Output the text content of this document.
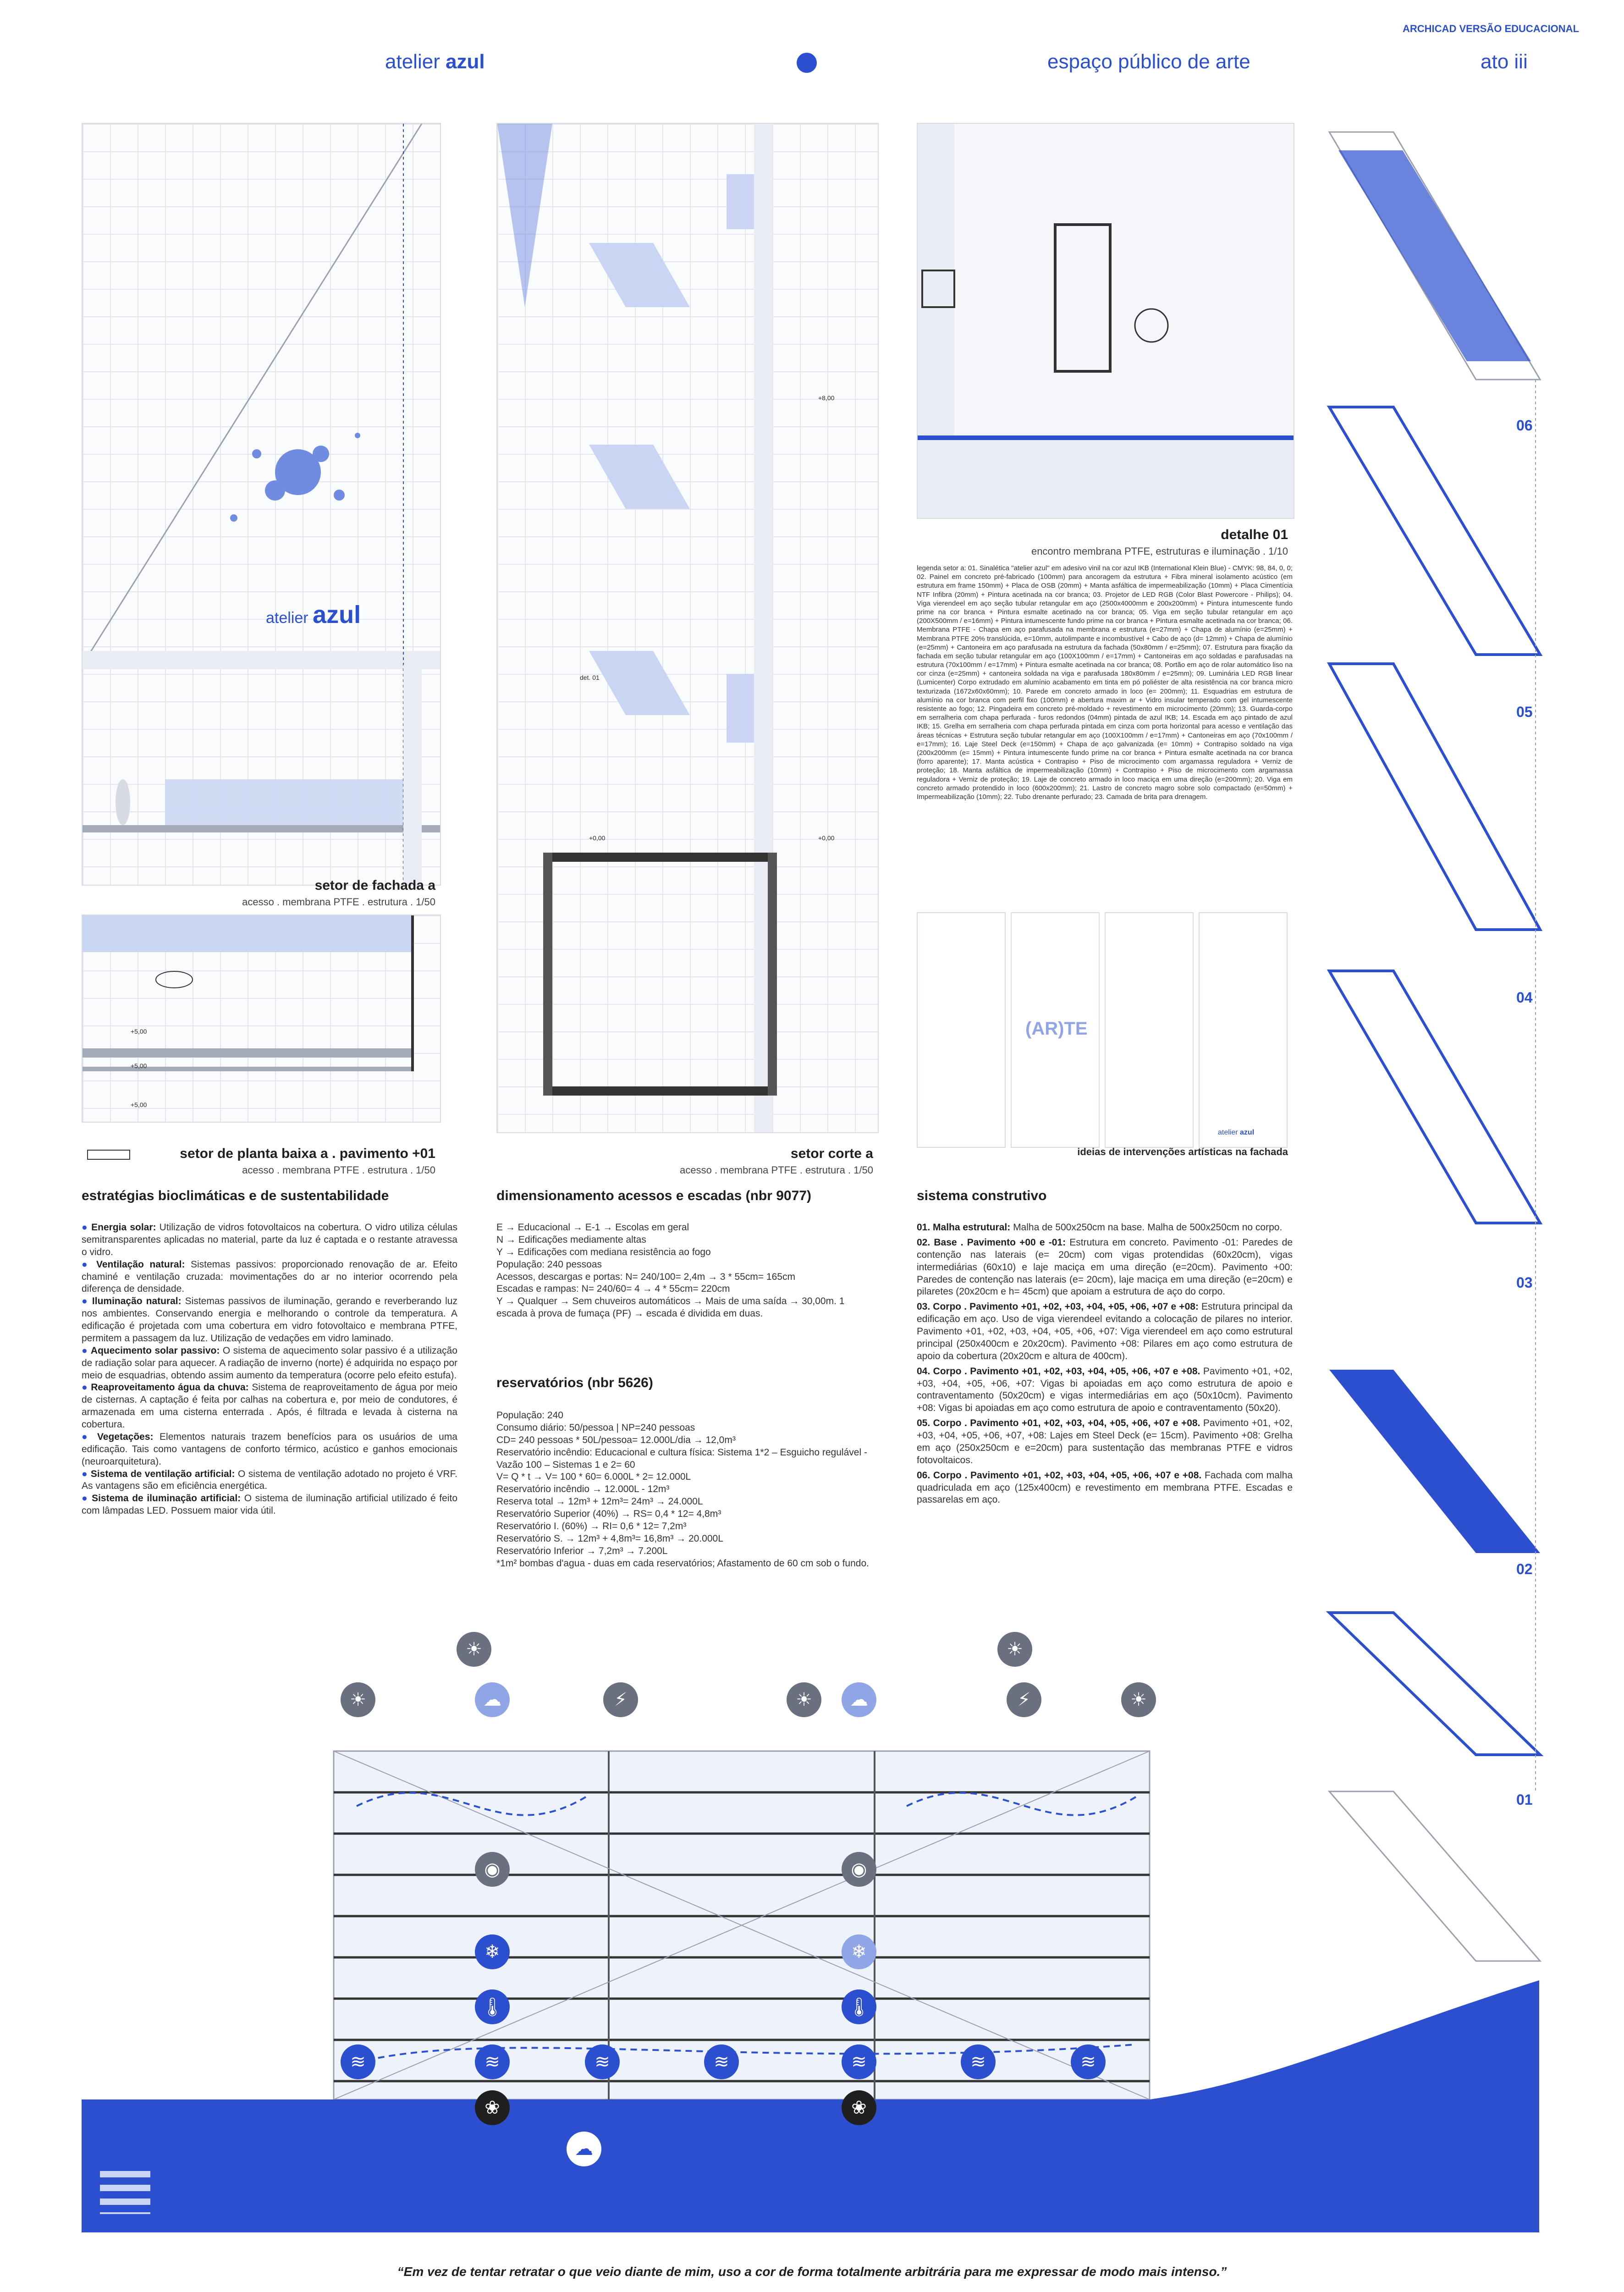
ARCHICAD VERSÃO EDUCACIONAL
atelier azul	espaço público de arte	ato iii
atelier azul
setor de fachada a
acesso . membrana PTFE . estrutura . 1/50
+5,00
+5,00
+5,00
setor de planta baixa a . pavimento +01
acesso . membrana PTFE . estrutura . 1/50
det. 01
+8,00
+0,00	+0,00
setor corte a
acesso . membrana PTFE . estrutura . 1/50
detalhe 01
encontro membrana PTFE, estruturas e iluminação . 1/10
legenda setor a: 01. Sinalética "atelier azul" em adesivo vinil na cor azul IKB (International Klein Blue) - CMYK: 98, 84, 0, 0; 02. Painel em concreto pré-fabricado (100mm) para ancoragem da estrutura + Fibra mineral isolamento acústico (em estrutura em frame 150mm) + Placa de OSB (20mm) + Manta asfáltica de impermeabilização (10mm) + Placa Cimentícia NTF Infibra (20mm) + Pintura acetinada na cor branca; 03. Projetor de LED RGB (Color Blast Powercore - Philips); 04. Viga vierendeel em aço seção tubular retangular em aço (2500x4000mm e 200x200mm) + Pintura intumescente fundo prime na cor branca + Pintura esmalte acetinado na cor branca; 05. Viga em seção tubular retangular em aço (200X500mm / e=16mm) + Pintura intumescente fundo prime na cor branca + Pintura esmalte acetinada na cor branca; 06. Membrana PTFE - Chapa em aço parafusada na membrana e estrutura (e=27mm) + Chapa de alumínio (e=25mm) + Membrana PTFE 20% translúcida, e=10mm, autolimpante e incombustível + Cabo de aço (d= 12mm) + Chapa de alumínio (e=25mm) + Cantoneira em aço parafusada na estrutura da fachada (50x80mm / e=25mm); 07. Estrutura para fixação da fachada em seção tubular retangular em aço (100X100mm / e=17mm) + Cantoneiras em aço soldadas e parafusadas na estrutura (70x100mm / e=17mm) + Pintura esmalte acetinada na cor branca; 08. Portão em aço de rolar automático liso na cor cinza (e=25mm) + cantoneira soldada na viga e parafusada 180x80mm / e=25mm); 09. Luminária LED RGB linear (Lumicenter) Corpo extrudado em alumínio acabamento em tinta em pó poliéster de alta resistência na cor branca micro texturizada (1672x60x60mm); 10. Parede em concreto armado in loco (e= 200mm); 11. Esquadrias em estrutura de alumínio na cor branca com perfil fixo (100mm) e abertura maxim ar + Vidro insular temperado com gel intumescente resistente ao fogo; 12. Pingadeira em concreto pré-moldado + revestimento em microcimento (20mm); 13. Guarda-corpo em serralheria com chapa perfurada - furos redondos (04mm) pintada de azul IKB; 14. Escada em aço pintado de azul IKB; 15. Grelha em serralheria com chapa perfurada pintada em cinza com porta horizontal para acesso e ventilação das áreas técnicas + Estrutura seção tubular retangular em aço (100X100mm / e=17mm) + Cantoneiras em aço (70x100mm / e=17mm); 16. Laje Steel Deck (e=150mm) + Chapa de aço galvanizada (e= 10mm) + Contrapiso soldado na viga (200x200mm (e= 15mm) + Pintura intumescente fundo prime na cor branca + Pintura esmalte acetinada na cor branca (forro aparente); 17. Manta acústica + Contrapiso + Piso de microcimento com argamassa reguladora + Verniz de proteção; 18. Manta asfáltica de impermeabilização (10mm) + Contrapiso + Piso de microcimento com argamassa reguladora + Verniz de proteção; 19. Laje de concreto armado in loco maciça em uma direção (e=200mm); 20. Viga em concreto armado protendido in loco (600x200mm); 21. Lastro de concreto magro sobre solo compactado (e=50mm) + Impermeabilização (10mm); 22. Tubo drenante perfurado; 23. Camada de brita para drenagem.
(AR)TE
atelier azul
ideias de intervenções artísticas na fachada
06
05
04
03
02
01
estratégias bioclimáticas e de sustentabilidade

● Energia solar: Utilização de vidros fotovoltaicos na cobertura. O vidro utiliza células semitransparentes aplicadas no material, parte da luz é captada e o restante atravessa o vidro.

● Ventilação natural: Sistemas passivos: proporcionado renovação de ar. Efeito chaminé e ventilação cruzada: movimentações do ar no interior ocorrendo pela diferença de densidade.

● Iluminação natural: Sistemas passivos de iluminação, gerando e reverberando luz nos ambientes. Conservando energia e melhorando o controle da temperatura. A edificação é projetada com uma cobertura em vidro fotovoltaico e membrana PTFE, permitem a passagem da luz. Utilização de vedações em vidro laminado.

● Aquecimento solar passivo: O sistema de aquecimento solar passivo é a utilização de radiação solar para aquecer. A radiação de inverno (norte) é adquirida no espaço por meio de esquadrias, obtendo assim aumento da temperatura (ocorre pelo efeito estufa).

● Reaproveitamento água da chuva: Sistema de reaproveitamento de água por meio de cisternas. A captação é feita por calhas na cobertura e, por meio de condutores, é armazenada em uma cisterna enterrada . Após, é filtrada e levada à cisterna na cobertura.

● Vegetações: Elementos naturais trazem benefícios para os usuários de uma edificação. Tais como vantagens de conforto térmico, acústico e ganhos emocionais (neuroarquitetura).

● Sistema de ventilação artificial: O sistema de ventilação adotado no projeto é VRF. As vantagens são em eficiência energética.

● Sistema de iluminação artificial: O sistema de iluminação artificial utilizado é feito com lâmpadas LED. Possuem maior vida útil.

dimensionamento acessos e escadas (nbr 9077)
E → Educacional → E-1 → Escolas em geral
N → Edificações mediamente altas
Y → Edificações com mediana resistência ao fogo
População: 240 pessoas
Acessos, descargas e portas: N= 240/100= 2,4m → 3 * 55cm= 165cm
Escadas e rampas: N= 240/60= 4 → 4 * 55cm= 220cm
Y → Qualquer → Sem chuveiros automáticos → Mais de uma saída → 30,00m. 1 escada à prova de fumaça (PF) → escada é dividida em duas.
reservatórios (nbr 5626)
População: 240
Consumo diário: 50/pessoa | NP=240 pessoas
CD= 240 pessoas * 50L/pessoa= 12.000L/dia → 12,0m³
Reservatório incêndio: Educacional e cultura física: Sistema 1*2 – Esguicho regulável - Vazão 100 – Sistemas 1 e 2= 60
V= Q * t → V= 100 * 60= 6.000L * 2= 12.000L
Reservatório incêndio → 12.000L - 12m³
Reserva total → 12m³ + 12m³= 24m³ → 24.000L
Reservatório Superior (40%) → RS= 0,4 * 12= 4,8m³
Reservatório I. (60%) → RI= 0,6 * 12= 7,2m³
Reservatório S. → 12m³ + 4,8m³= 16,8m³ → 20.000L
Reservatório Inferior → 7,2m³ → 7.200L
*1m² bombas d'agua - duas em cada reservatórios; Afastamento de 60 cm sob o fundo.
sistema construtivo

01. Malha estrutural: Malha de 500x250cm na base. Malha de 500x250cm no corpo.

02. Base . Pavimento +00 e -01: Estrutura em concreto. Pavimento -01: Paredes de contenção nas laterais (e= 20cm) com vigas protendidas (60x20cm), vigas intermediárias (60x10) e laje maciça em uma direção (e=20cm). Pavimento +00: Paredes de contenção nas laterais (e= 20cm), laje maciça em uma direção (e=20cm) e pilaretes (20x20cm e h= 45cm) que apoiam a estrutura de aço do corpo.

03. Corpo . Pavimento +01, +02, +03, +04, +05, +06, +07 e +08: Estrutura principal da edificação em aço. Uso de viga vierendeel evitando a colocação de pilares no interior. Pavimento +01, +02, +03, +04, +05, +06, +07: Viga vierendeel em aço como estrutural principal (250x400cm e 20x20cm). Pavimento +08: Pilares em aço como estrutura de apoio da cobertura (20x20cm e altura de 400cm).

04. Corpo . Pavimento +01, +02, +03, +04, +05, +06, +07 e +08. Pavimento +01, +02, +03, +04, +05, +06, +07: Vigas bi apoiadas em aço como estrutura de apoio e contraventamento (50x20cm) e vigas intermediárias em aço (50x10cm). Pavimento +08: Vigas bi apoiadas em aço como estrutura de apoio e contraventamento (50x20).

05. Corpo . Pavimento +01, +02, +03, +04, +05, +06, +07 e +08. Pavimento +01, +02, +03, +04, +05, +06, +07, +08: Lajes em Steel Deck (e= 15cm). Pavimento +08: Grelha em aço (250x250cm e e=20cm) para sustentação das membranas PTFE e vidros fotovoltaicos.

06. Corpo . Pavimento +01, +02, +03, +04, +05, +06, +07 e +08. Fachada com malha quadriculada em aço (125x400cm) e revestimento em membrana PTFE. Escadas e passarelas em aço.

☀	☀
☀	☁	⚡	☀	☁	⚡	☀
◉	◉
❄	❄
🌡	🌡
≋	≋	≋	≋	≋	≋	≋
❀	❀
☁
administrativo
cultural
educacional
apoio técnico
“Em vez de tentar retratar o que veio diante de mim, uso a cor de forma totalmente arbitrária para me expressar de modo mais intenso.”
